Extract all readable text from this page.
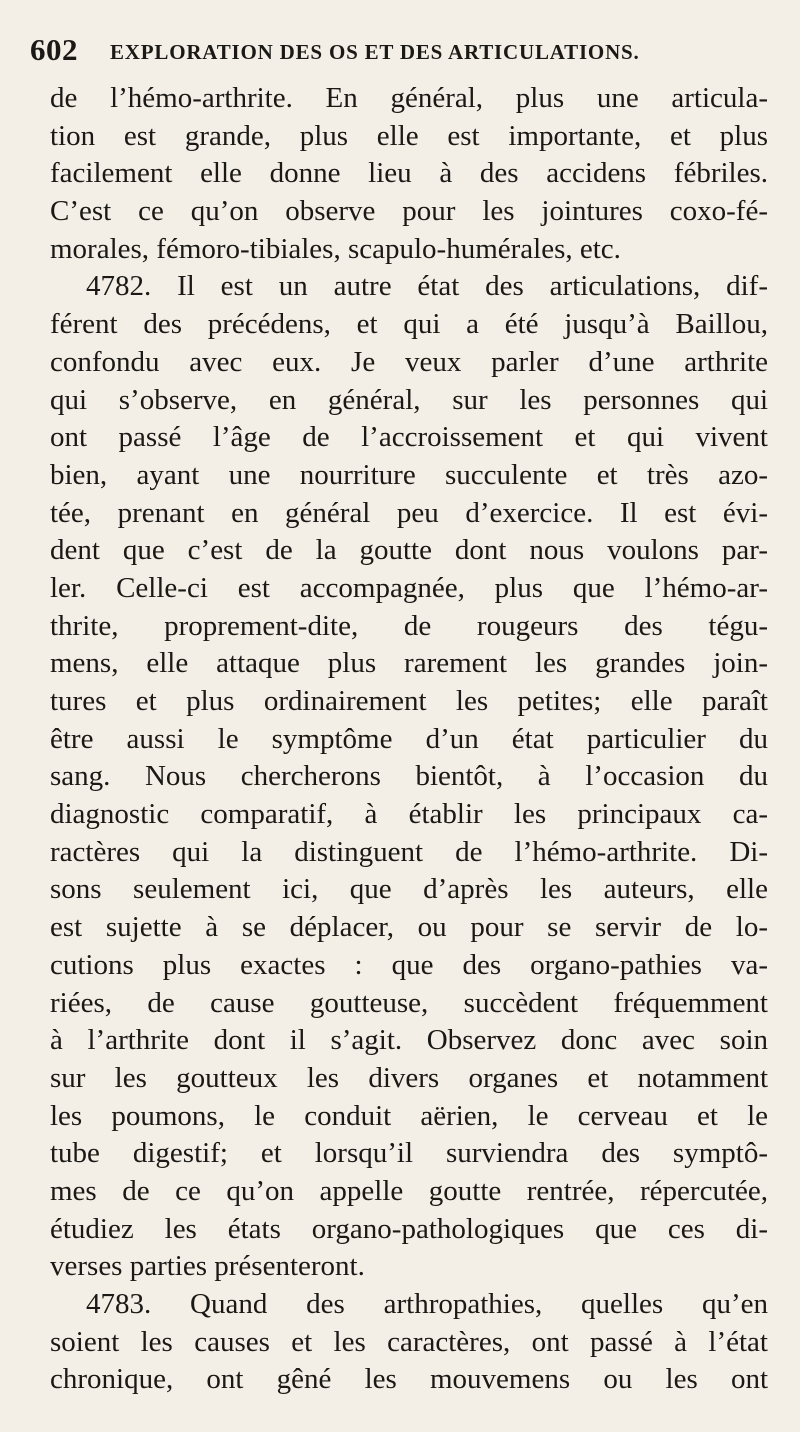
602 EXPLORATION DES OS ET DES ARTICULATIONS.
de l’hémo-arthrite. En général, plus une articula-
tion est grande, plus elle est importante, et plus
facilement elle donne lieu à des accidens fébriles.
C’est ce qu’on observe pour les jointures coxo-fé-
morales, fémoro-tibiales, scapulo-humérales, etc.
4782. Il est un autre état des articulations, dif-
férent des précédens, et qui a été jusqu’à Baillou,
confondu avec eux. Je veux parler d’une arthrite
qui s’observe, en général, sur les personnes qui
ont passé l’âge de l’accroissement et qui vivent
bien, ayant une nourriture succulente et très azo-
tée, prenant en général peu d’exercice. Il est évi-
dent que c’est de la goutte dont nous voulons par-
ler. Celle-ci est accompagnée, plus que l’hémo-ar-
thrite, proprement-dite, de rougeurs des tégu-
mens, elle attaque plus rarement les grandes join-
tures et plus ordinairement les petites; elle paraît
être aussi le symptôme d’un état particulier du
sang. Nous chercherons bientôt, à l’occasion du
diagnostic comparatif, à établir les principaux ca-
ractères qui la distinguent de l’hémo-arthrite. Di-
sons seulement ici, que d’après les auteurs, elle
est sujette à se déplacer, ou pour se servir de lo-
cutions plus exactes : que des organo-pathies va-
riées, de cause goutteuse, succèdent fréquemment
à l’arthrite dont il s’agit. Observez donc avec soin
sur les goutteux les divers organes et notamment
les poumons, le conduit aërien, le cerveau et le
tube digestif; et lorsqu’il surviendra des symptô-
mes de ce qu’on appelle goutte rentrée, répercutée,
étudiez les états organo-pathologiques que ces di-
verses parties présenteront.
4783. Quand des arthropathies, quelles qu’en
soient les causes et les caractères, ont passé à l’état
chronique, ont gêné les mouvemens ou les ont
